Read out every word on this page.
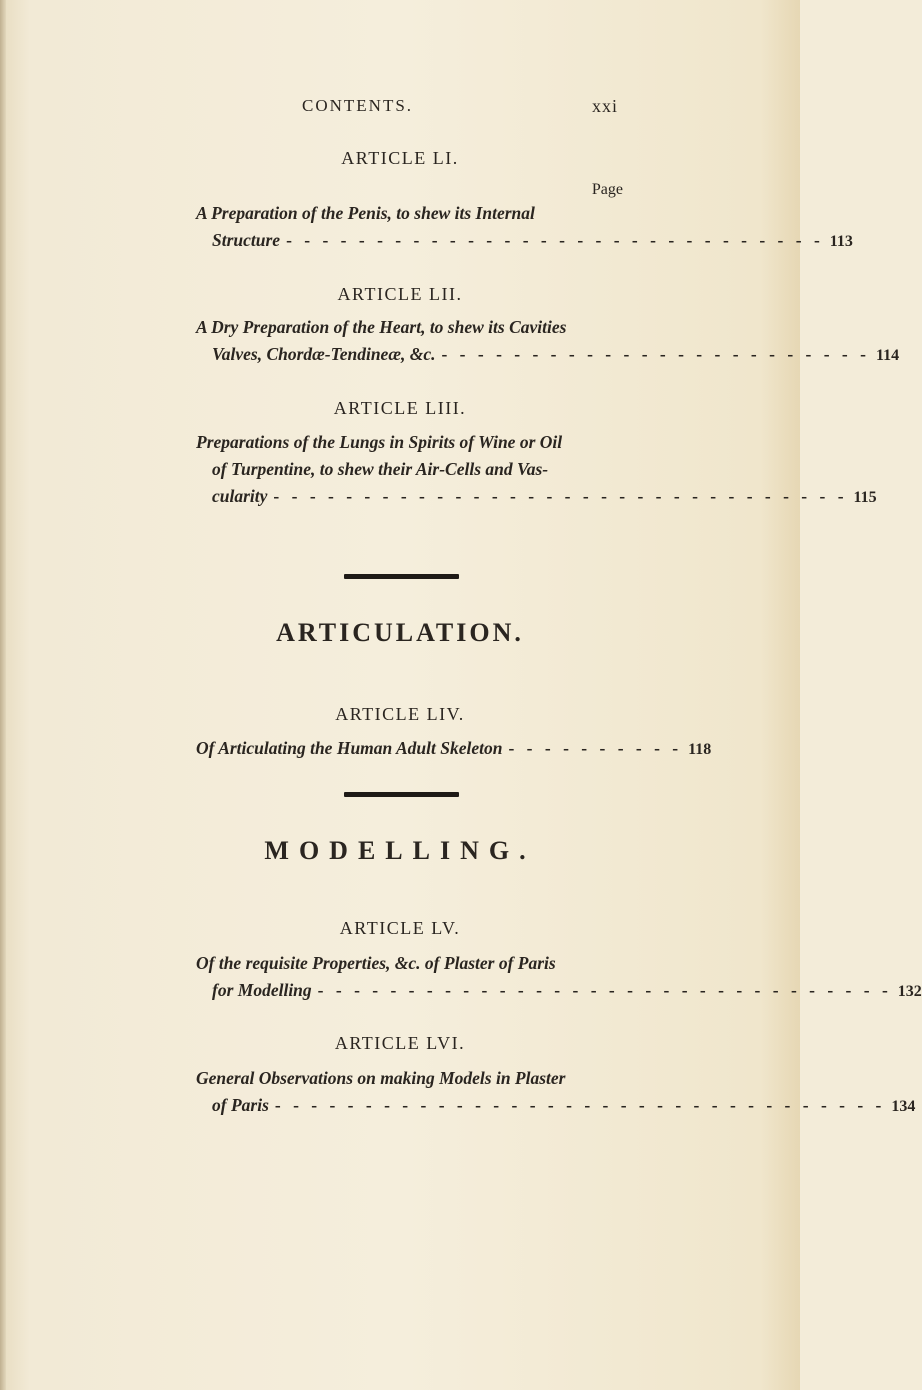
CONTENTS.	xxi
ARTICLE LI.
Page
A Preparation of the Penis, to shew its Internal
Structure - - - - - - - - - - - - - - - - - - - - - - - - - - - - - - 113
ARTICLE LII.
A Dry Preparation of the Heart, to shew its Cavities
Valves, Chordæ-Tendineæ, &c. - - - - - - - - - - - - - - - - - - - - - - - - 114
ARTICLE LIII.
Preparations of the Lungs in Spirits of Wine or Oil
of Turpentine, to shew their Air-Cells and Vas-
cularity - - - - - - - - - - - - - - - - - - - - - - - - - - - - - - - - 115
ARTICULATION.
ARTICLE LIV.
Of Articulating the Human Adult Skeleton - - - - - - - - - - 118
MODELLING.
ARTICLE LV.
Of the requisite Properties, &c. of Plaster of Paris
for Modelling - - - - - - - - - - - - - - - - - - - - - - - - - - - - - - - - 132
ARTICLE LVI.
General Observations on making Models in Plaster
of Paris - - - - - - - - - - - - - - - - - - - - - - - - - - - - - - - - - - 134
